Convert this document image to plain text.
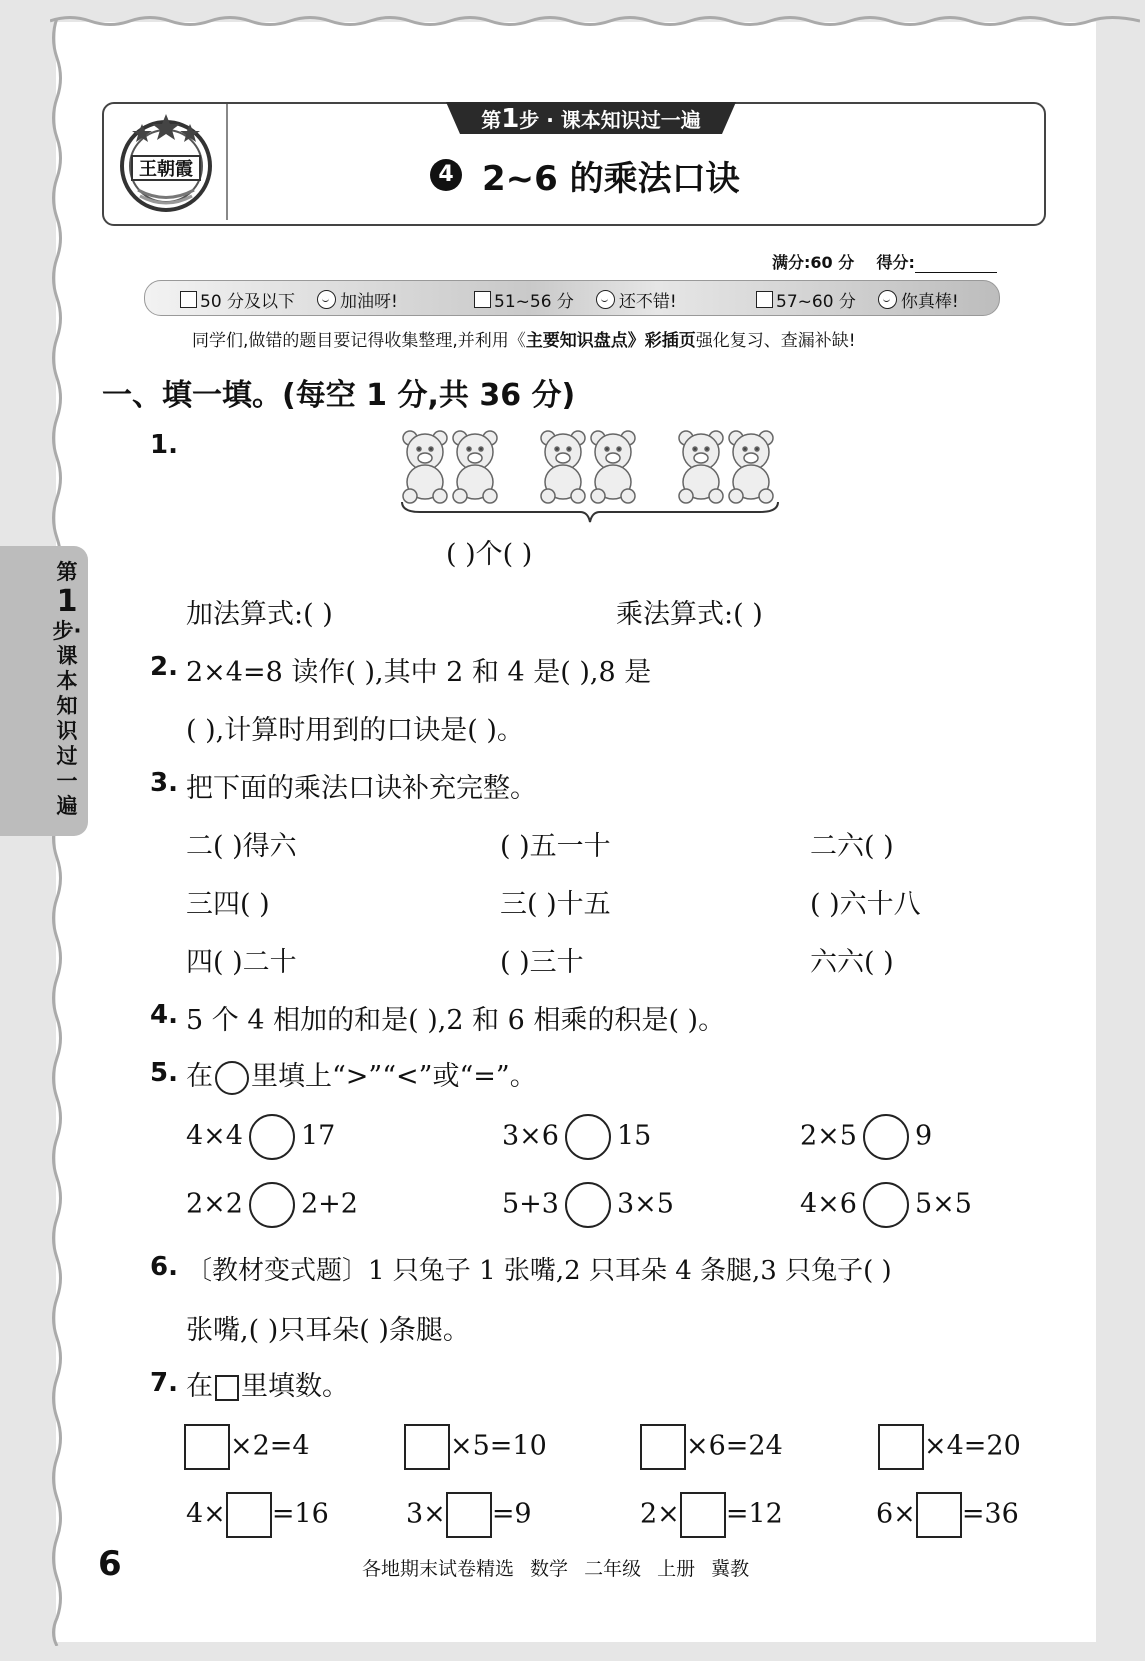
王朝霞
第1步 · 课本知识过一遍
4 2~6 的乘法口诀
满分:60 分 得分:
50 分及以下	加油呀!	51~56 分	还不错!	57~60 分	你真棒!
同学们,做错的题目要记得收集整理,并利用《主要知识盘点》彩插页强化复习、查漏补缺!
第
1
步·课本知识过一遍
一、填一填。(每空 1 分,共 36 分)
1.
( )个( )
加法算式:( )	乘法算式:( )
2. 2×4=8 读作( ),其中 2 和 4 是( ),8 是
( ),计算时用到的口诀是( )。
3. 把下面的乘法口诀补充完整。
二( )得六	( )五一十	二六( )
三四( )	三( )十五	( )六十八
四( )二十	( )三十	六六( )
4. 5 个 4 相加的和是( ),2 和 6 相乘的积是( )。
5. 在 里填上“>”“<”或“=”。
4×4 17	3×6 15	2×5 9
2×2 2+2	5+3 3×5	4×6 5×5
6. 〔教材变式题〕1 只兔子 1 张嘴,2 只耳朵 4 条腿,3 只兔子( )
张嘴,( )只耳朵( )条腿。
7. 在 里填数。
×2=4	×5=10	×6=24	×4=20
4× =16	3× =9	2× =12	6× =36
6	各地期末试卷精选 数学 二年级 上册 冀教
